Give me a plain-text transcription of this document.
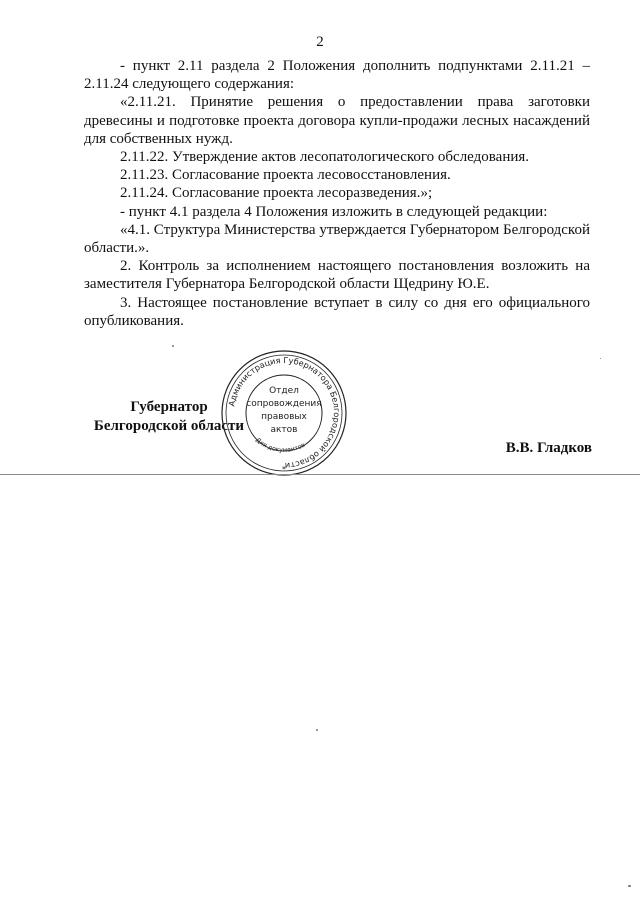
2

- пункт 2.11 раздела 2 Положения дополнить подпунктами 2.11.21 – 2.11.24 следующего содержания:

«2.11.21. Принятие решения о предоставлении права заготовки древесины и подготовке проекта договора купли-продажи лесных насаждений для собственных нужд.

2.11.22. Утверждение актов лесопатологического обследования.

2.11.23. Согласование проекта лесовосстановления.

2.11.24. Согласование проекта лесоразведения.»;

- пункт 4.1 раздела 4 Положения изложить в следующей редакции:

«4.1. Структура Министерства утверждается Губернатором Белгородской области.».

2. Контроль за исполнением настоящего постановления возложить на заместителя Губернатора Белгородской области Щедрину Ю.Е.

3. Настоящее постановление вступает в силу со дня его официального опубликования.

Губернатор
Белгородской области
Администрация Губернатора Белгородской области
Для документов
Отдел
сопровождения
правовых
актов
*
В.В. Гладков
